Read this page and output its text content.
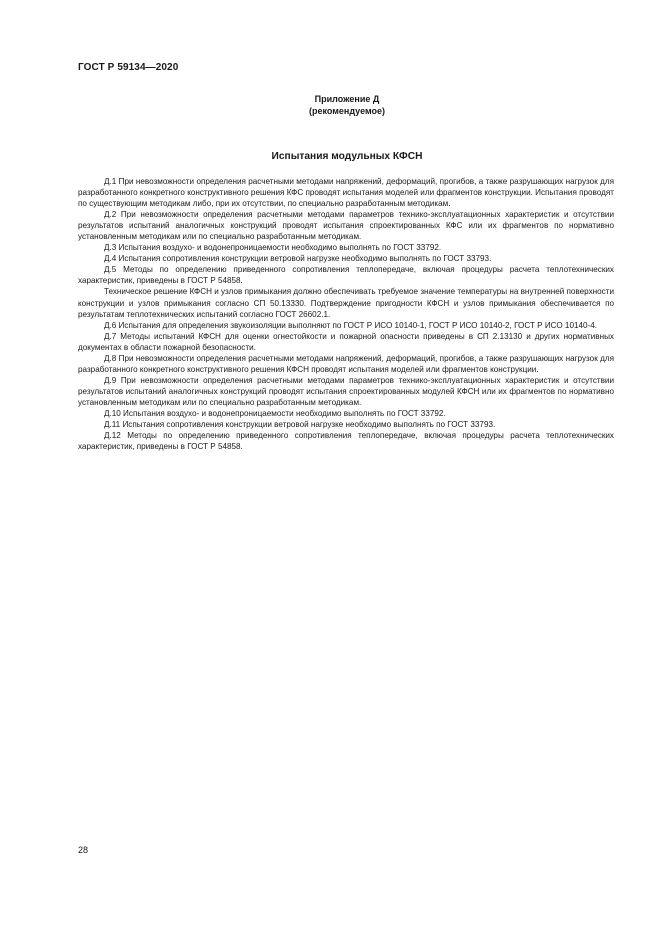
ГОСТ Р 59134—2020
Приложение Д
(рекомендуемое)
Испытания модульных КФСН

Д.1 При невозможности определения расчетными методами напряжений, деформаций, прогибов, а также разрушающих нагрузок для разработанного конкретного конструктивного решения КФС проводят испытания моделей или фрагментов конструкции. Испытания проводят по существующим методикам либо, при их отсутствии, по специально разработанным методикам.

Д.2 При невозможности определения расчетными методами параметров технико-эксплуатационных характеристик и отсутствии результатов испытаний аналогичных конструкций проводят испытания спроектированных КФС или их фрагментов по нормативно установленным методикам или по специально разработанным методикам.

Д.3 Испытания воздухо- и водонепроницаемости необходимо выполнять по ГОСТ 33792.

Д.4 Испытания сопротивления конструкции ветровой нагрузке необходимо выполнять по ГОСТ 33793.

Д.5 Методы по определению приведенного сопротивления теплопередаче, включая процедуры расчета теплотехнических характеристик, приведены в ГОСТ Р 54858.

Техническое решение КФСН и узлов примыкания должно обеспечивать требуемое значение температуры на внутренней поверхности конструкции и узлов примыкания согласно СП 50.13330. Подтверждение пригодности КФСН и узлов примыкания обеспечивается по результатам теплотехнических испытаний согласно ГОСТ 26602.1.

Д.6 Испытания для определения звукоизоляции выполняют по ГОСТ Р ИСО 10140-1, ГОСТ Р ИСО 10140-2, ГОСТ Р ИСО 10140-4.

Д.7 Методы испытаний КФСН для оценки огнестойкости и пожарной опасности приведены в СП 2.13130 и других нормативных документах в области пожарной безопасности.

Д.8 При невозможности определения расчетными методами напряжений, деформаций, прогибов, а также разрушающих нагрузок для разработанного конкретного конструктивного решения КФСН проводят испытания моделей или фрагментов конструкции.

Д.9 При невозможности определения расчетными методами параметров технико-эксплуатационных характеристик и отсутствии результатов испытаний аналогичных конструкций проводят испытания спроектированных модулей КФСН или их фрагментов по нормативно установленным методикам или по специально разработанным методикам.

Д.10 Испытания воздухо- и водонепроницаемости необходимо выполнять по ГОСТ 33792.

Д.11 Испытания сопротивления конструкции ветровой нагрузке необходимо выполнять по ГОСТ 33793.

Д.12 Методы по определению приведенного сопротивления теплопередаче, включая процедуры расчета теплотехнических характеристик, приведены в ГОСТ Р 54858.

28
